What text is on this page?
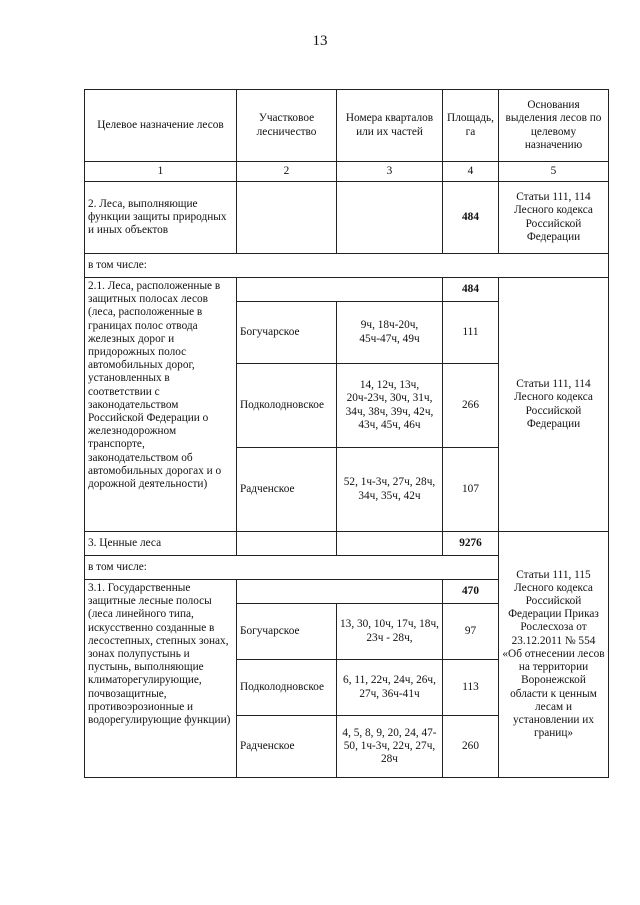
13
Целевое назначение лесов	Участковое лесничество	Номера кварталов или их частей	Площадь, га	Основания выделения лесов по целевому назначению
1	2	3	4	5
2. Леса, выполняющие функции защиты природных и иных объектов			484	Статьи 111, 114 Лесного кодекса Российской Федерации
в том числе:				
2.1. Леса, расположенные в защитных полосах лесов (леса, расположенные в границах полос отвода железных дорог и придорожных полос автомобильных дорог, установленных в соответствии с законодательством Российской Федерации о железнодорожном транспорте, законодательством об автомобильных дорогах и о дорожной деятельности)			484	Статьи 111, 114 Лесного кодекса Российской Федерации
	Богучарское	9ч, 18ч-20ч, 45ч-47ч, 49ч	111	
	Подколодновское	14, 12ч, 13ч, 20ч-23ч, 30ч, 31ч, 34ч, 38ч, 39ч, 42ч, 43ч, 45ч, 46ч	266	
	Радченское	52, 1ч-3ч, 27ч, 28ч, 34ч, 35ч, 42ч	107	
3. Ценные леса			9276	Статьи 111, 115 Лесного кодекса Российской Федерации Приказ Рослесхоза от 23.12.2011 № 554 «Об отнесении лесов на территории Воронежской области к ценным лесам и установлении их границ»
в том числе:				
3.1. Государственные защитные лесные полосы (леса линейного типа, искусственно созданные в лесостепных, степных зонах, зонах полупустынь и пустынь, выполняющие климаторегулирующие, почвозащитные, противоэрозионные и водорегулирующие функции)			470	
	Богучарское	13, 30, 10ч, 17ч, 18ч, 23ч - 28ч,	97	
	Подколодновское	6, 11, 22ч, 24ч, 26ч, 27ч, 36ч-41ч	113	
	Радченское	4, 5, 8, 9, 20, 24, 47-50, 1ч-3ч, 22ч, 27ч, 28ч	260	
